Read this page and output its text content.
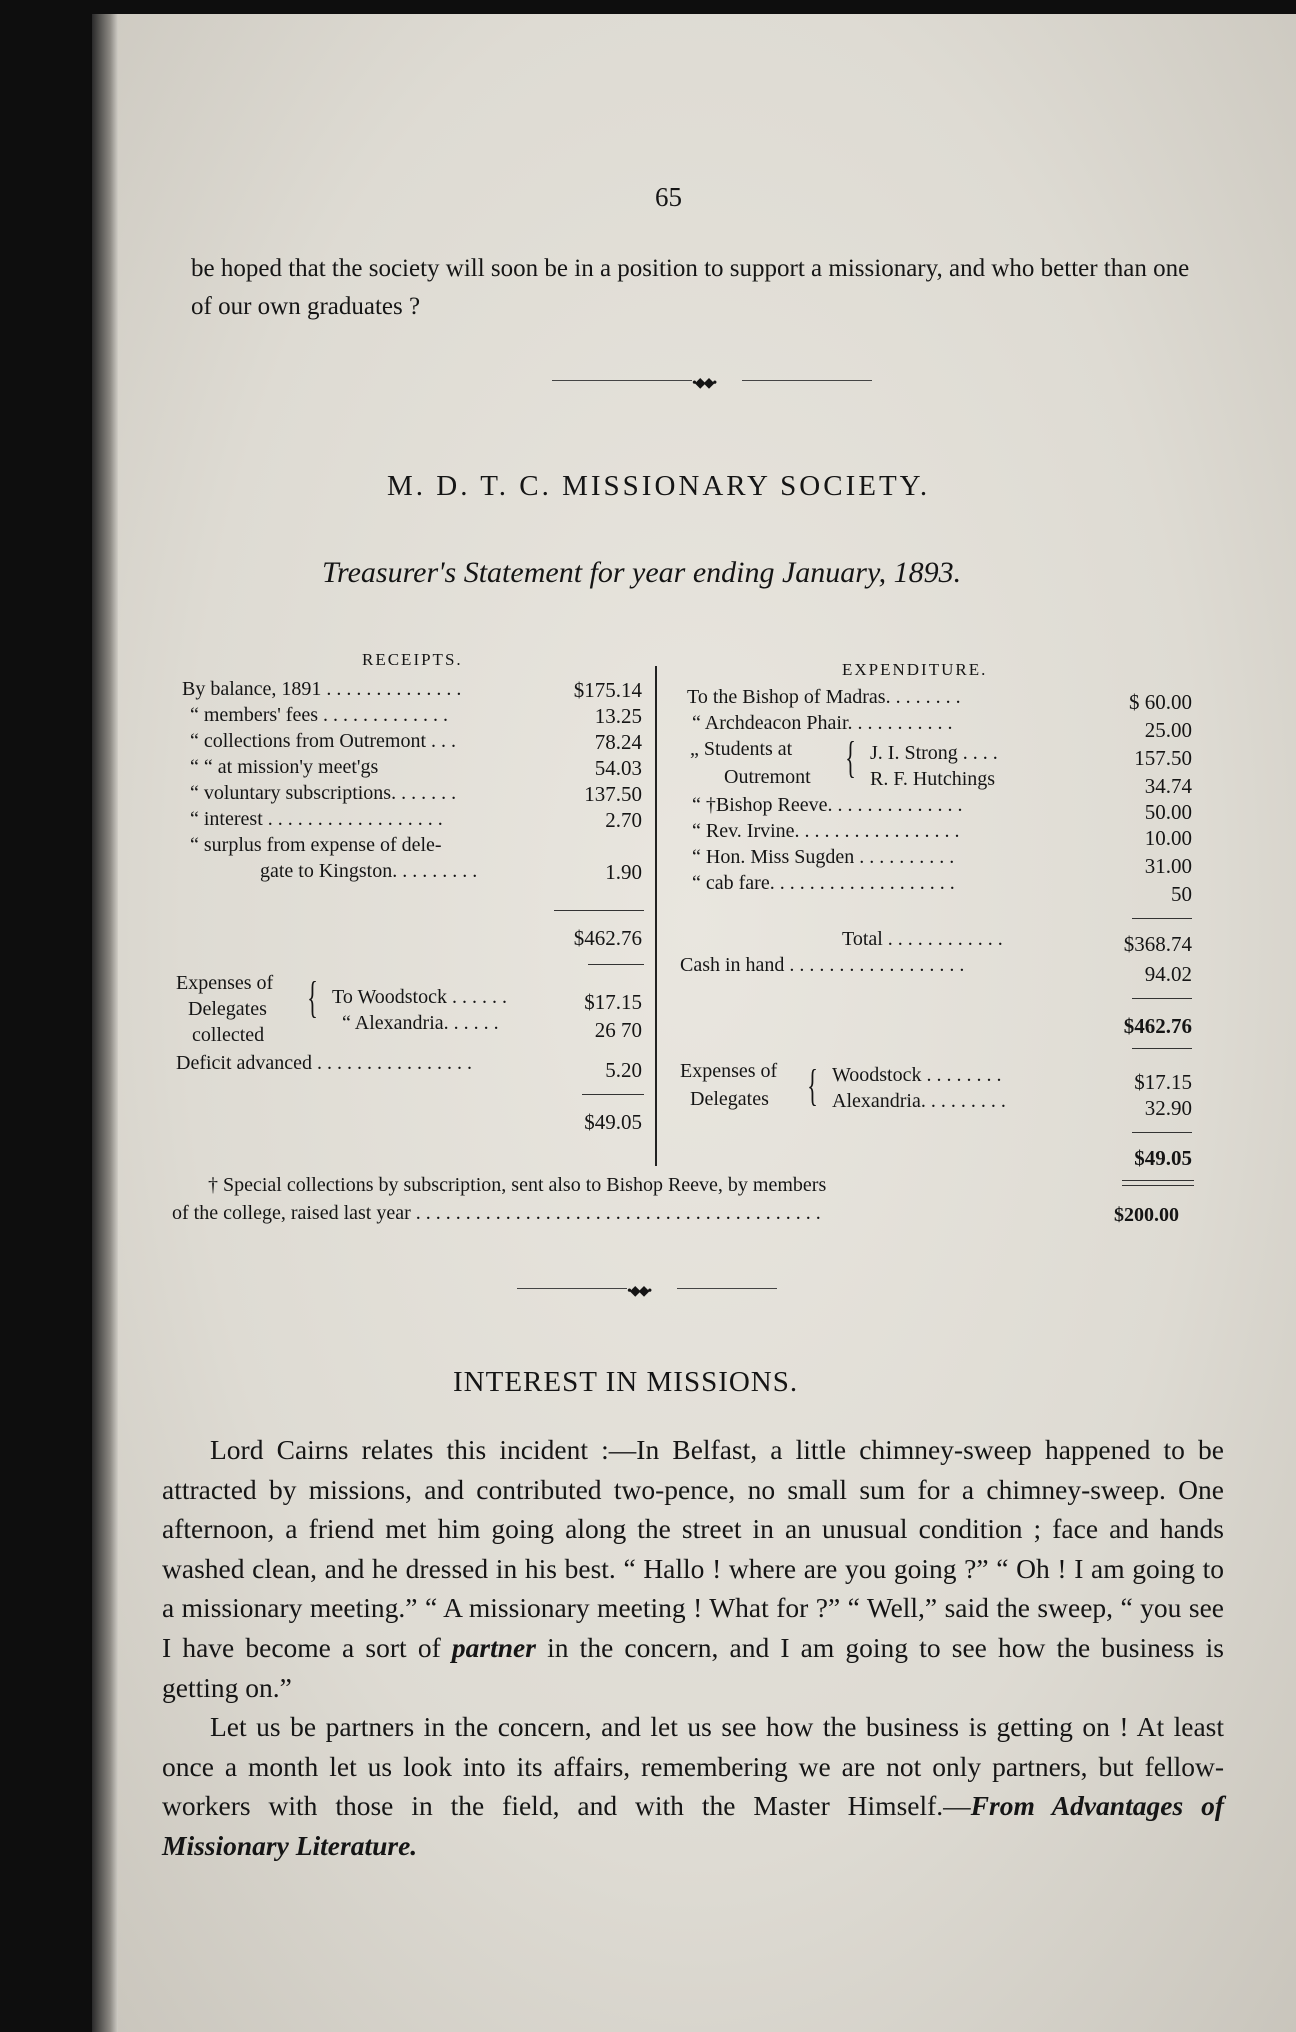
65
be hoped that the society will soon be in a position to support a missionary, and who better than one of our own graduates ?
•◆◆•
M. D. T. C. MISSIONARY SOCIETY.
Treasurer's Statement for year ending January, 1893.
RECEIPTS.
By balance, 1891 . . . . . . . . . . . . . .	$175.14
“ members' fees . . . . . . . . . . . . .	13.25
“ collections from Outremont . . .	78.24
“ “ at mission'y meet'gs	54.03
“ voluntary subscriptions. . . . . . .	137.50
“ interest . . . . . . . . . . . . . . . . . .	2.70
“ surplus from expense of dele-
gate to Kingston. . . . . . . . .	1.90
$462.76
Expenses of
Delegates
collected
{ To Woodstock . . . . . .	$17.15
“ Alexandria. . . . . .	26 70
Deficit advanced . . . . . . . . . . . . . . . .	5.20
$49.05
EXPENDITURE.
To the Bishop of Madras. . . . . . . .	$ 60.00
“ Archdeacon Phair. . . . . . . . . . .	25.00
„ Students at { J. I. Strong . . . .	157.50
Outremont	R. F. Hutchings	34.74
“ †Bishop Reeve. . . . . . . . . . . . . .	50.00
“ Rev. Irvine. . . . . . . . . . . . . . . . .	10.00
“ Hon. Miss Sugden . . . . . . . . . .	31.00
“ cab fare. . . . . . . . . . . . . . . . . . .	50
Total . . . . . . . . . . . .	$368.74
Cash in hand . . . . . . . . . . . . . . . . . .	94.02
$462.76
Expenses of
Delegates { Woodstock . . . . . . . .	$17.15
Alexandria. . . . . . . . .	32.90
$49.05
† Special collections by subscription, sent also to Bishop Reeve, by members
of the college, raised last year . . . . . . . . . . . . . . . . . . . . . . . . . . . . . . . . . . . . . . . . .	$200.00
•◆◆•
INTEREST IN MISSIONS.

Lord Cairns relates this incident :—In Belfast, a little chimney-sweep happened to be attracted by missions, and contributed two-pence, no small sum for a chimney-sweep. One afternoon, a friend met him going along the street in an unusual condition ; face and hands washed clean, and he dressed in his best. “ Hallo ! where are you going ?” “ Oh ! I am going to a missionary meeting.” “ A missionary meeting ! What for ?” “ Well,” said the sweep, “ you see I have become a sort of partner in the concern, and I am going to see how the business is getting on.”

Let us be partners in the concern, and let us see how the business is getting on ! At least once a month let us look into its affairs, remembering we are not only partners, but fellow-workers with those in the field, and with the Master Himself.—From Advantages of Missionary Literature.
